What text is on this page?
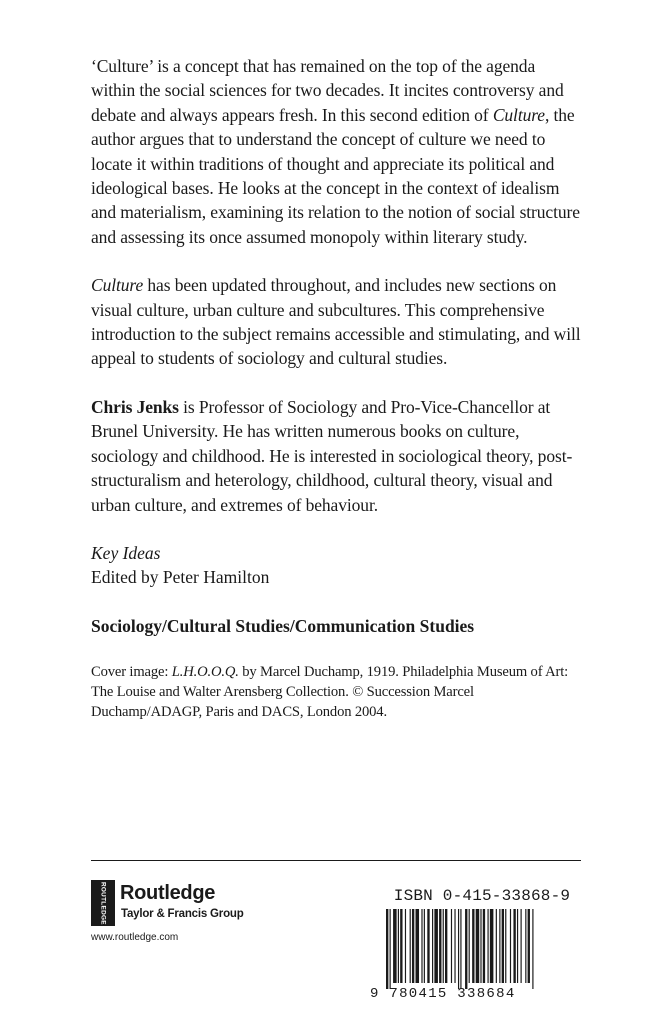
‘Culture’ is a concept that has remained on the top of the agenda within the social sciences for two decades. It incites controversy and debate and always appears fresh. In this second edition of Culture, the author argues that to understand the concept of culture we need to locate it within traditions of thought and appreciate its political and ideological bases. He looks at the concept in the context of idealism and materialism, examining its relation to the notion of social structure and assessing its once assumed monopoly within literary study.

Culture has been updated throughout, and includes new sections on visual culture, urban culture and subcultures. This comprehensive introduction to the subject remains accessible and stimulating, and will appeal to students of sociology and cultural studies.

Chris Jenks is Professor of Sociology and Pro-Vice-Chancellor at Brunel University. He has written numerous books on culture, sociology and childhood. He is interested in sociological theory, post-structuralism and heterology, childhood, cultural theory, visual and urban culture, and extremes of behaviour.

Key Ideas
Edited by Peter Hamilton
Sociology/Cultural Studies/Communication Studies
Cover image: L.H.O.O.Q. by Marcel Duchamp, 1919. Philadelphia Museum of Art: The Louise and Walter Arensberg Collection. © Succession Marcel Duchamp/ADAGP, Paris and DACS, London 2004.
ROUTLEDGE Routledge
Taylor & Francis Group
www.routledge.com
ISBN 0-415-33868-9
9 780415 338684
